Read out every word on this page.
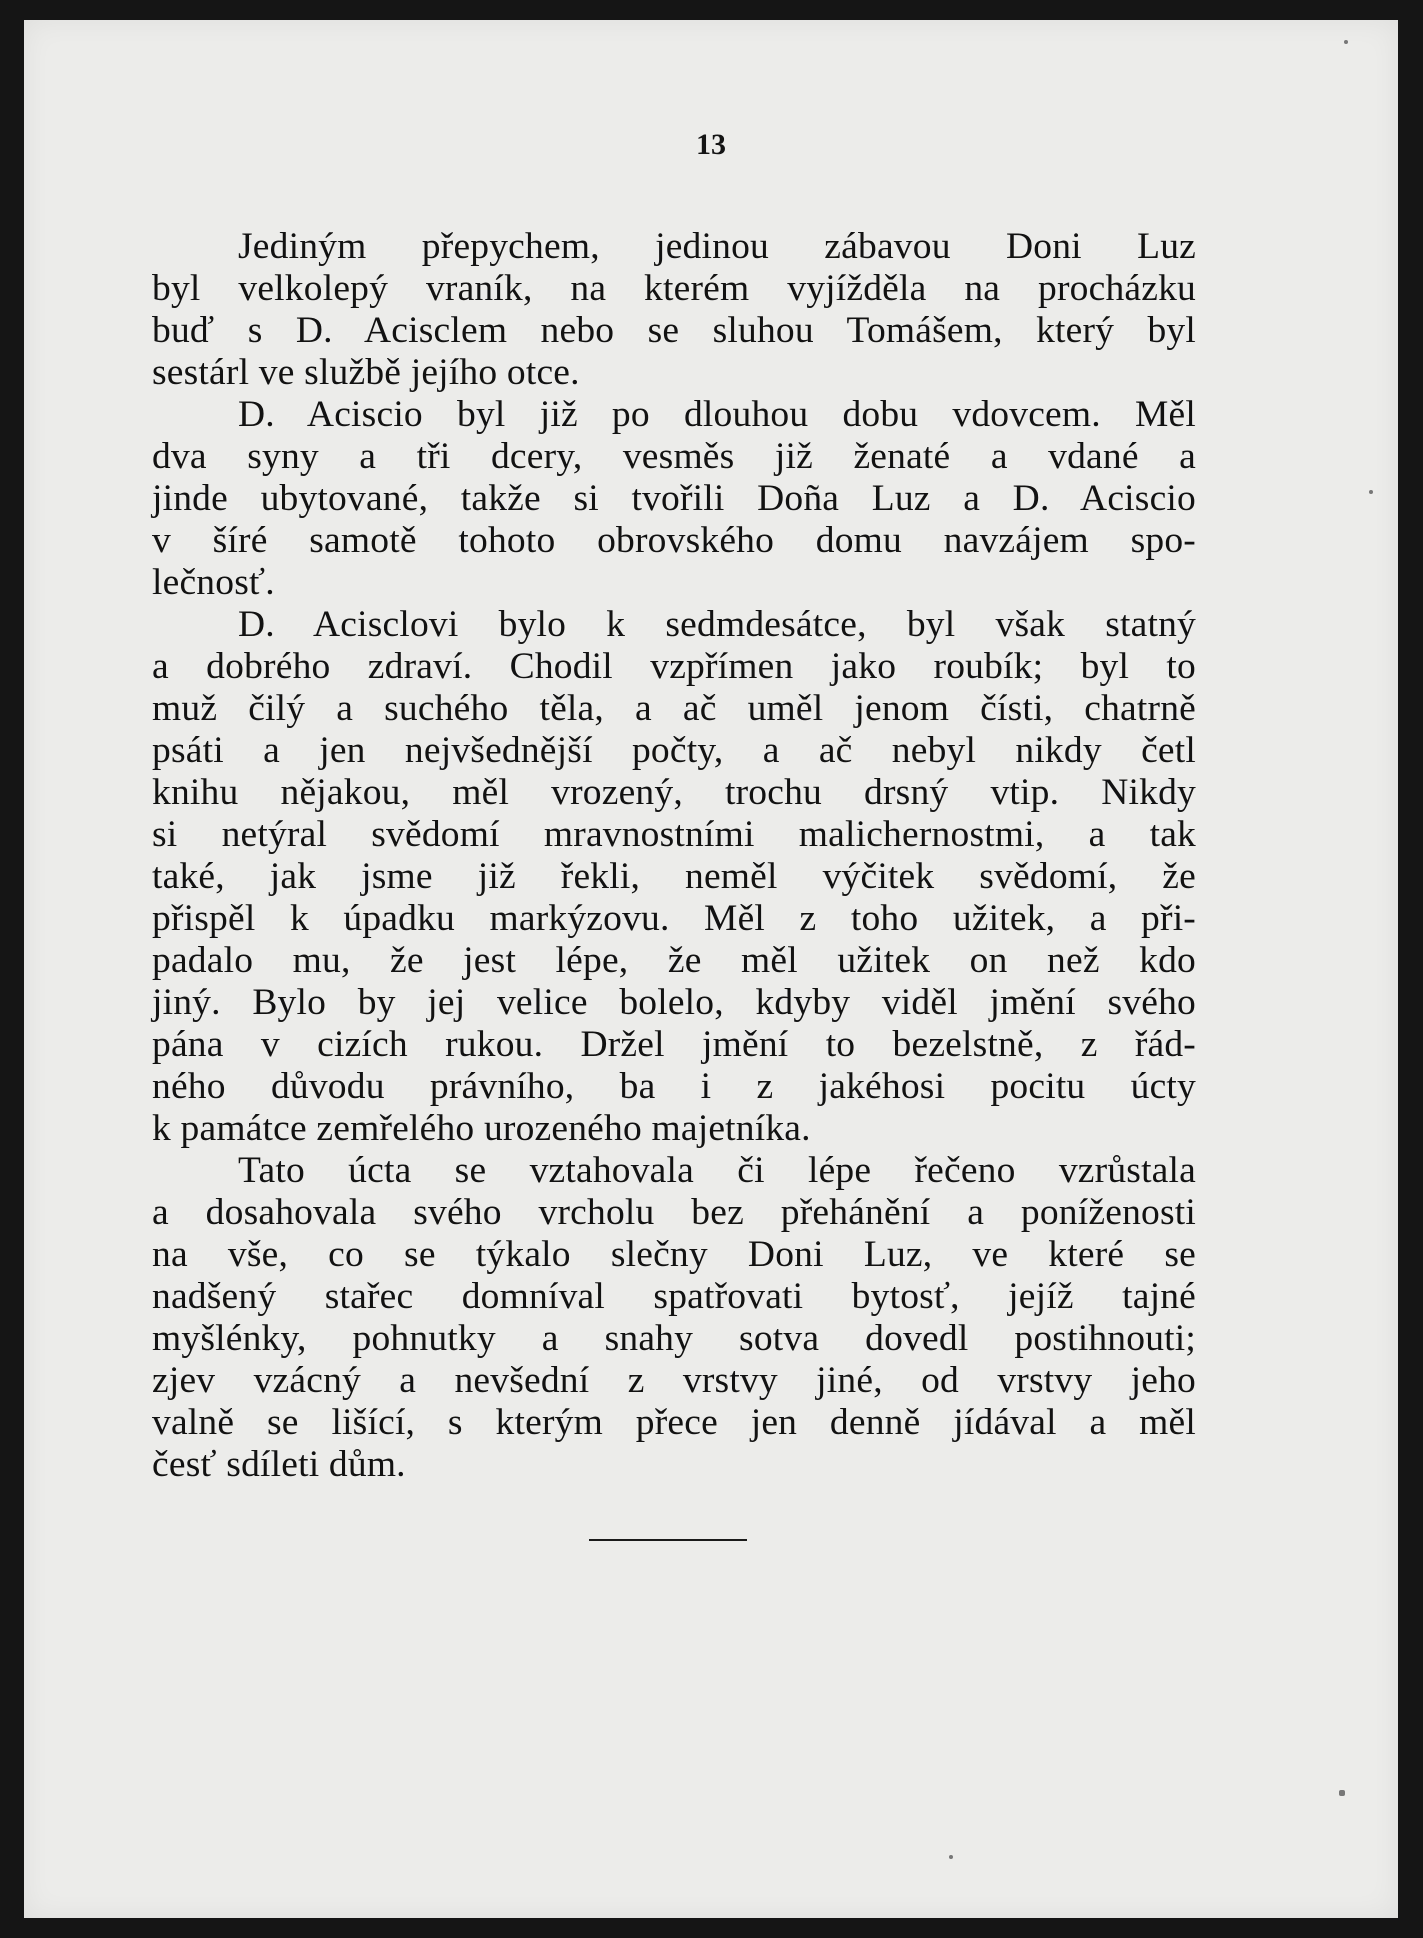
13
Jediným přepychem, jedinou zábavou Doni Luz
byl velkolepý vraník, na kterém vyjížděla na procházku
buď s D. Acisclem nebo se sluhou Tomášem, který byl
sestárl ve službě jejího otce.
D. Aciscio byl již po dlouhou dobu vdovcem. Měl
dva syny a tři dcery, vesměs již ženaté a vdané a
jinde ubytované, takže si tvořili Doña Luz a D. Aciscio
v šíré samotě tohoto obrovského domu navzájem spo-
lečnosť.
D. Acisclovi bylo k sedmdesátce, byl však statný
a dobrého zdraví. Chodil vzpřímen jako roubík; byl to
muž čilý a suchého těla, a ač uměl jenom čísti, chatrně
psáti a jen nejvšednější počty, a ač nebyl nikdy četl
knihu nějakou, měl vrozený, trochu drsný vtip. Nikdy
si netýral svědomí mravnostními malichernostmi, a tak
také, jak jsme již řekli, neměl výčitek svědomí, že
přispěl k úpadku markýzovu. Měl z toho užitek, a při-
padalo mu, že jest lépe, že měl užitek on než kdo
jiný. Bylo by jej velice bolelo, kdyby viděl jmění svého
pána v cizích rukou. Držel jmění to bezelstně, z řád-
ného důvodu právního, ba i z jakéhosi pocitu úcty
k památce zemřelého urozeného majetníka.
Tato úcta se vztahovala či lépe řečeno vzrůstala
a dosahovala svého vrcholu bez přehánění a poníženosti
na vše, co se týkalo slečny Doni Luz, ve které se
nadšený stařec domníval spatřovati bytosť, jejíž tajné
myšlénky, pohnutky a snahy sotva dovedl postihnouti;
zjev vzácný a nevšední z vrstvy jiné, od vrstvy jeho
valně se lišící, s kterým přece jen denně jídával a měl
česť sdíleti dům.
